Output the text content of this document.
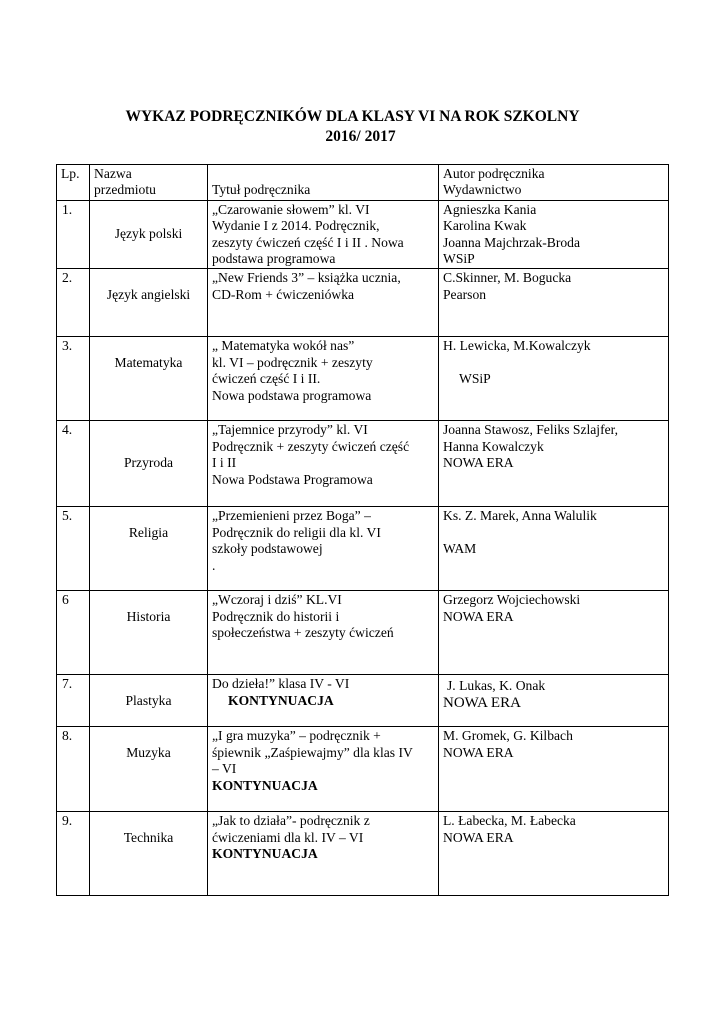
WYKAZ PODRĘCZNIKÓW DLA KLASY VI NA ROK SZKOLNY
2016/ 2017
Lp.	Nazwa
przedmiotu	Tytuł podręcznika	Autor podręcznika
Wydawnictwo

1.	Język polski	„Czarowanie słowem” kl. VI
Wydanie I z 2014. Podręcznik,
zeszyty ćwiczeń część I i II . Nowa
podstawa programowa	Agnieszka Kania
Karolina Kwak
Joanna Majchrzak-Broda
WSiP

2.	Język angielski	„New Friends 3” – książka ucznia,
CD-Rom + ćwiczeniówka	C.Skinner, M. Bogucka
Pearson

3.	Matematyka	„ Matematyka wokół nas”
kl. VI – podręcznik + zeszyty
ćwiczeń część I i II.
Nowa podstawa programowa	H. Lewicka, M.Kowalczyk
WSiP

4.	Przyroda	„Tajemnice przyrody” kl. VI
Podręcznik + zeszyty ćwiczeń część
I i II
Nowa Podstawa Programowa	Joanna Stawosz, Feliks Szlajfer,
Hanna Kowalczyk
NOWA ERA

5.	Religia	„Przemienieni przez Boga” –
Podręcznik do religii dla kl. VI
szkoły podstawowej
.	Ks. Z. Marek, Anna Walulik
WAM

6	Historia	„Wczoraj i dziś” KL.VI
Podręcznik do historii i
społeczeństwa + zeszyty ćwiczeń	Grzegorz Wojciechowski
NOWA ERA

7.	Plastyka	Do dzieła!” klasa IV - VI
KONTYNUACJA	J. Lukas, K. Onak
NOWA ERA

8.	Muzyka	„I gra muzyka” – podręcznik +
śpiewnik „Zaśpiewajmy” dla klas IV
– VI
KONTYNUACJA	M. Gromek, G. Kilbach
NOWA ERA

9.	Technika	„Jak to działa”- podręcznik z
ćwiczeniami dla kl. IV – VI
KONTYNUACJA	L. Łabecka, M. Łabecka
NOWA ERA
